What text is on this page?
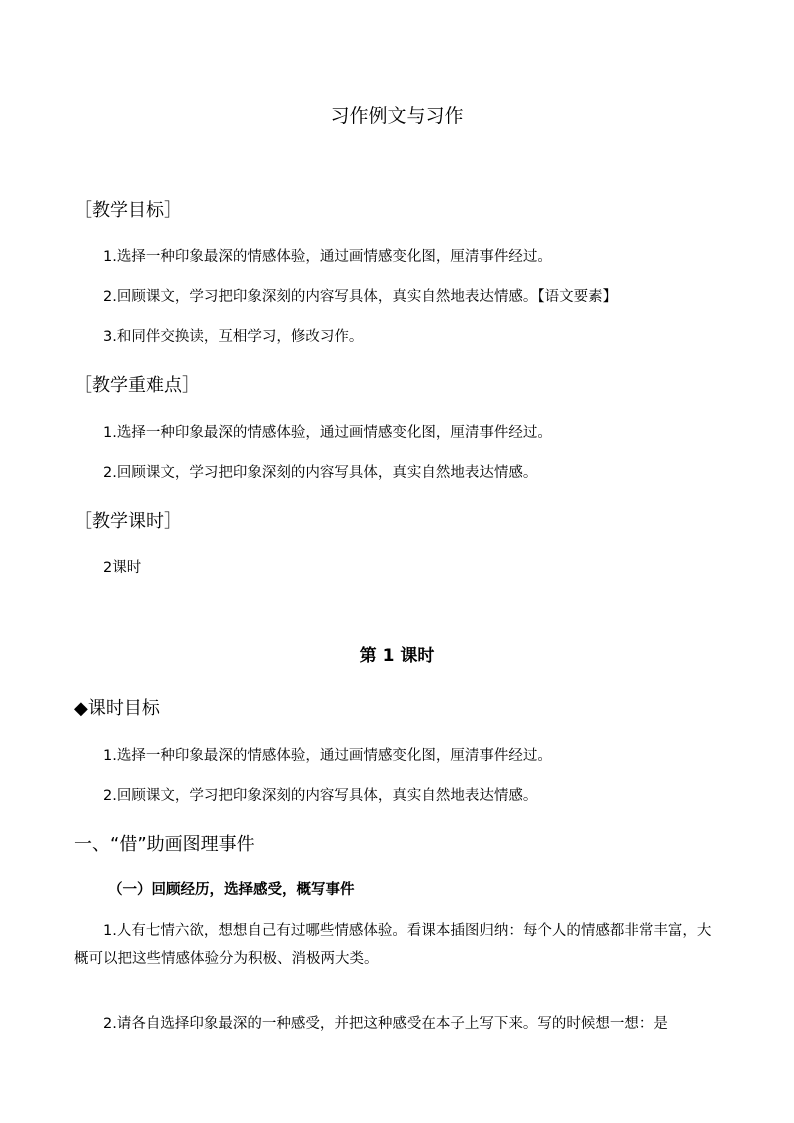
习作例文与习作
［教学目标］
1.选择一种印象最深的情感体验，通过画情感变化图，厘清事件经过。
2.回顾课文，学习把印象深刻的内容写具体，真实自然地表达情感。【语文要素】
3.和同伴交换读，互相学习，修改习作。
［教学重难点］
1.选择一种印象最深的情感体验，通过画情感变化图，厘清事件经过。
2.回顾课文，学习把印象深刻的内容写具体，真实自然地表达情感。
［教学课时］
2课时
第 1 课时
◆课时目标
1.选择一种印象最深的情感体验，通过画情感变化图，厘清事件经过。
2.回顾课文，学习把印象深刻的内容写具体，真实自然地表达情感。
一、“借”助画图理事件
（一）回顾经历，选择感受，概写事件
1.人有七情六欲，想想自己有过哪些情感体验。看课本插图归纳：每个人的情感都非常丰富，大概可以把这些情感体验分为积极、消极两大类。
2.请各自选择印象最深的一种感受，并把这种感受在本子上写下来。写的时候想一想：是
